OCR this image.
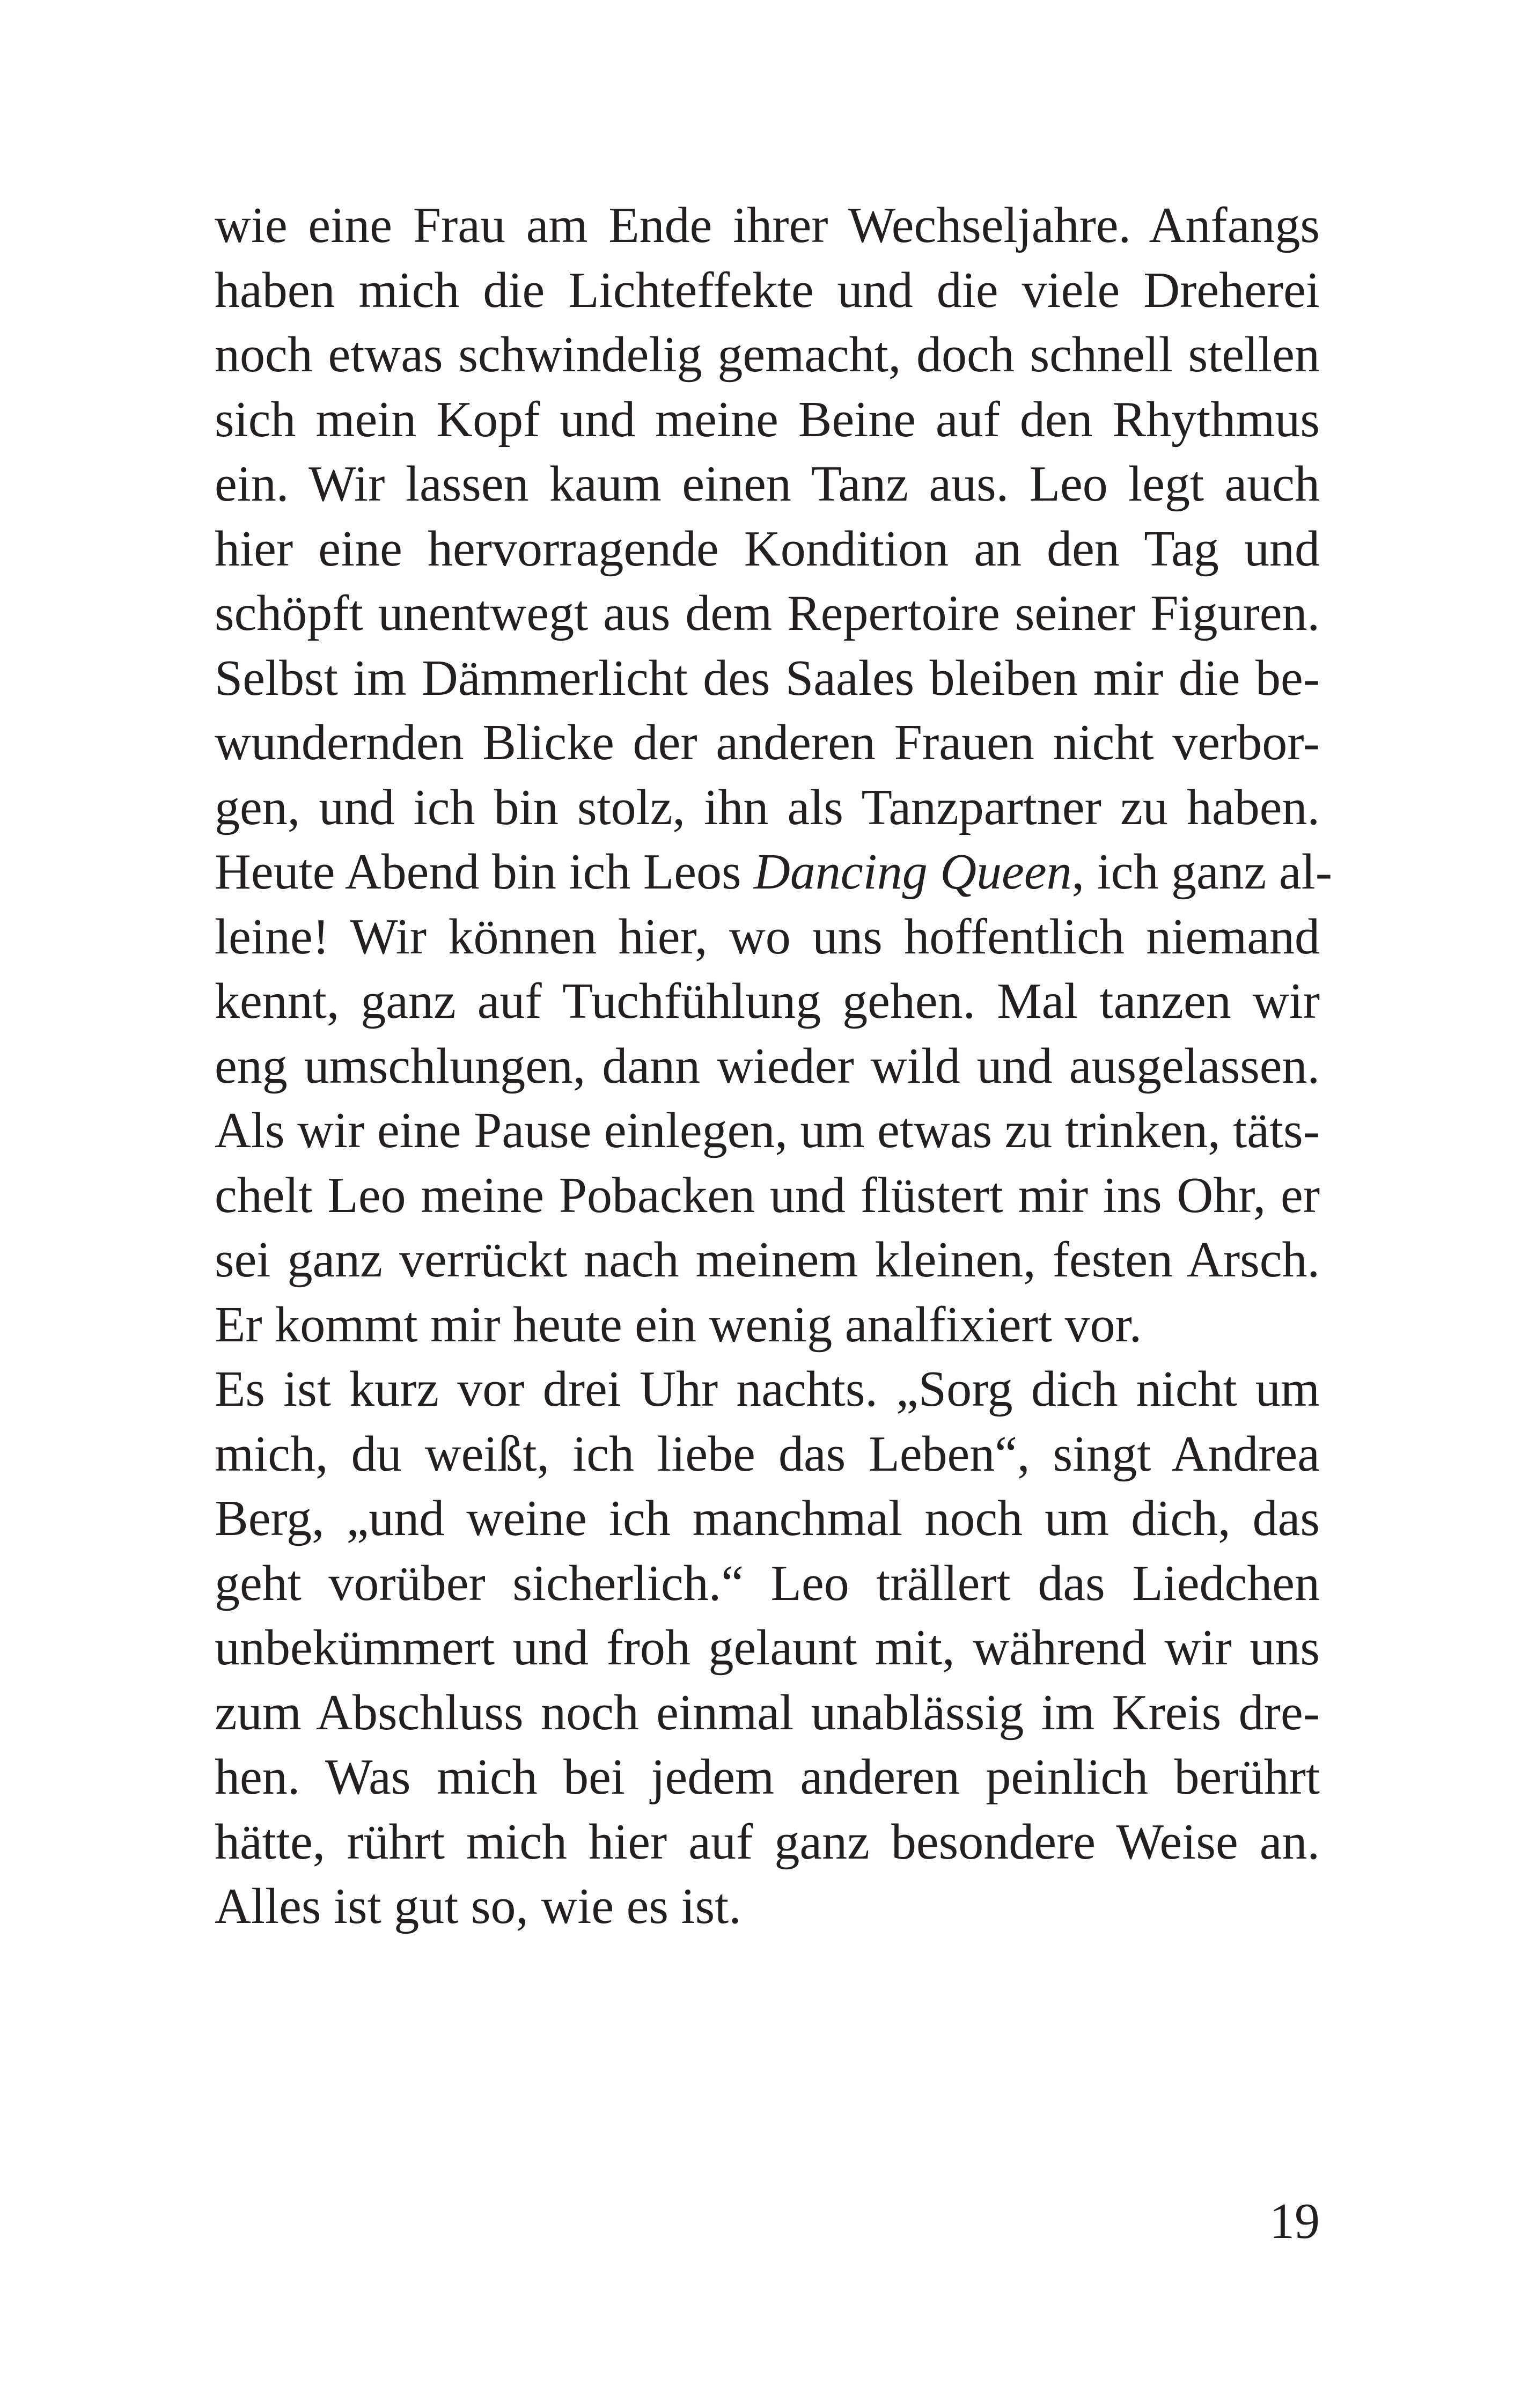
wie eine Frau am Ende ihrer Wechseljahre. Anfangs
haben mich die Lichteffekte und die viele Dreherei
noch etwas schwindelig gemacht, doch schnell stellen
sich mein Kopf und meine Beine auf den Rhythmus
ein. Wir lassen kaum einen Tanz aus. Leo legt auch
hier eine hervorragende Kondition an den Tag und
schöpft unentwegt aus dem Repertoire seiner Figuren.
Selbst im Dämmerlicht des Saales bleiben mir die be-
wundernden Blicke der anderen Frauen nicht verbor-
gen, und ich bin stolz, ihn als Tanzpartner zu haben.
Heute Abend bin ich Leos Dancing Queen, ich ganz al-
leine! Wir können hier, wo uns hoffentlich niemand
kennt, ganz auf Tuchfühlung gehen. Mal tanzen wir
eng umschlungen, dann wieder wild und ausgelassen.
Als wir eine Pause einlegen, um etwas zu trinken, täts-
chelt Leo meine Pobacken und flüstert mir ins Ohr, er
sei ganz verrückt nach meinem kleinen, festen Arsch.
Er kommt mir heute ein wenig analfixiert vor.
Es ist kurz vor drei Uhr nachts. „Sorg dich nicht um
mich, du weißt, ich liebe das Leben“, singt Andrea
Berg, „und weine ich manchmal noch um dich, das
geht vorüber sicherlich.“ Leo trällert das Liedchen
unbekümmert und froh gelaunt mit, während wir uns
zum Abschluss noch einmal unablässig im Kreis dre-
hen. Was mich bei jedem anderen peinlich berührt
hätte, rührt mich hier auf ganz besondere Weise an.
Alles ist gut so, wie es ist.
19
